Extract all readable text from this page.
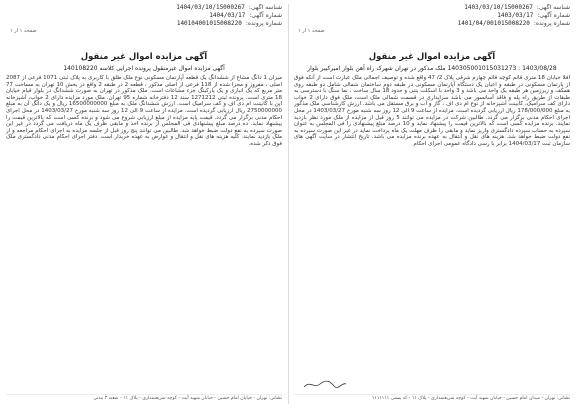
شناسه آگهی:
1403/03/10/15000267
شماره آگهی:
1403/03/17
شماره پرونده:
1401/04/001015008220
صفحه ۱ از ۱
آگهی مزایده اموال غیر منقول
1403/08/28 : 140305001015031273 ملک مذکور در تهران شهرک راه آهن بلوار امیرکبیر بلوار
افلا خیابان 18 متری قائم کوچه قائم چهارم شرقی پلاک 2/ 47 واقع شده و توصیف اجمالی ملک عبارت است از آنکه فوق از پارتمان مسکونی در طبقه و اعیان یک دستگاه آپارتمان مسکونی در طبقه دوم ساختمان شمالی شامل دو طبقه روی همکف و زیرزمین هر طبقه یک واحد می باشد و 3 واحد با اسکلت بتنی و حدود 18 سال ساخت ، نما سنگ با دسترسی به طبقات از طریق راه پله و فاقد آسانسور می باشد سرایداری در قسمت شمالی ملک است، ملک فوق دارای 2 خواب دارای کف سرامیک، کابینت آشپزخانه از نوع ام دی اف ، گاز و آب و برق مستقل می باشد. ارزش کارشناسی ملک مذکور به مبلغ 178/000/000 ریال ارزیابی گردیده است. مزایده از ساعت 9 الی 12 روز سه شنبه مورخ 1403/03/27 در محل اجرای احکام مدنی برگزار می گردد. طالبین شرکت در مزایده می توانند 5 روز قبل از مزایده از ملک مورد نظر بازدید نمایند. برنده مزایده کسی است که بالاترین قیمت را پیشنهاد نماید و 10 درصد مبلغ پیشنهادی را فی المجلس به عنوان سپرده به حساب سپرده دادگستری واریز نماید و مابقی را ظرف مهلت یک ماه پرداخت نماید در غیر این صورت سپرده به نفع دولت ضبط خواهد شد. هزینه های نقل و انتقال به عهده برنده مزایده می باشد. تاریخ انتشار در سایت آگهی های سازمان ثبت 1404/03/17 برابر با رسی دادگاه عمومی اجرای احکام
نشانی: تهران - میدان امام حسین - خیابان شهید آیت - کوچه شریعتمداری - پلاک ۱۱ - کد پستی ۱۱۱۱۱۱۱
شناسه آگهی:
1404/03/10/15000267
شماره آگهی:
1404/03/17
شماره پرونده:
140104001015008220
صفحه ۱ از ۱
آگهی مزایده اموال غیر منقول
آگهی مزایده اموال غیرمنقول پرونده اجرایی کلاسه 140108220
میزان 1 دانگ مشاع از ششدانگ یک قطعه آپارتمان مسکونی نوع ملک طلق با کاربری به پلاک ثبتی 1071 فرعی از 2087 اصلی ، مفروز و مجزا شده از 118 فرعی از اصلی مذکور ، قطعه 2 در طبقه 2 واقع در بخش 10 تهران به مساحت 77 متر مربع که یک انباری و یک پارکینگ جزء مشاعات است. ملک مذکور در تهران به صورت ششدانگ در بلوار قیام خیابان 18 متری است. پرونده ثبتی 1271212 سند 12 دفترخانه شماره 95 تهران. ملک مورد مزایده دارای 2 خواب، آشپزخانه اپن با کابینت ام دی اف و کف سرامیک است. ارزش ششدانگ ملک به مبلغ 16500000000 ریال و یک دانگ آن به مبلغ 2750000000 ریال ارزیابی گردیده است. مزایده از ساعت 9 الی 12 روز سه شنبه مورخ 1403/03/27 در محل اجرای احکام مدنی برگزار می گردد. قیمت پایه مزایده از مبلغ ارزیابی شروع می شود و برنده کسی است که بالاترین قیمت را پیشنهاد نماید. ده درصد مبلغ پیشنهادی فی المجلس از برنده اخذ و مابقی ظرف یک ماه دریافت می گردد در غیر این صورت سپرده به نفع دولت ضبط خواهد شد. طالبین می توانند پنج روز قبل از جلسه مزایده به اجرای احکام مراجعه و از ملک بازدید نمایند. کلیه هزینه های نقل و انتقال و عوارض به عهده خریدار است. دفتر اجرای احکام مدنی دادگستری ملک فوق ذکر شده.
نشانی: تهران - خیابان امام حسین - خیابان شهید آیت - کوچه شریعتمداری - پلاک ۱۱ - شعبه ۳ مدنی
